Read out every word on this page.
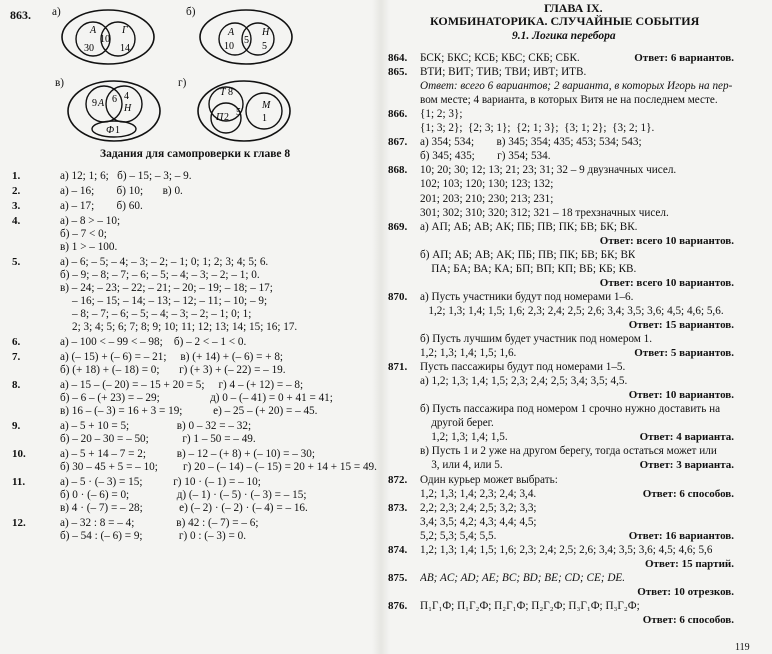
863. а)	б)
в)	г)
А	Г
30
10
14
А	Н
10
5
5
9 А 6 4
Н
Ф 1
Т 8
П 2 5
М
1
Задания для самопроверки к главе 8
1.	а) 12; 1; 6;   б) – 15; – 3; – 9.
2.	а) – 16;        б) 10;       в) 0.
3.	а) – 17;        б) 60.
4.	а) – 8 > – 10;
б) – 7 < 0;
в) 1 > – 100.
5.	а) – 6; – 5; – 4; – 3; – 2; – 1; 0; 1; 2; 3; 4; 5; 6.
б) – 9; – 8; – 7; – 6; – 5; – 4; – 3; – 2; – 1; 0.
в) – 24; – 23; – 22; – 21; – 20; – 19; – 18; – 17;
– 16; – 15; – 14; – 13; – 12; – 11; – 10; – 9;
– 8; – 7; – 6; – 5; – 4; – 3; – 2; – 1; 0; 1;
2; 3; 4; 5; 6; 7; 8; 9; 10; 11; 12; 13; 14; 15; 16; 17.
6.	а) – 100 < – 99 < – 98;    б) – 2 < – 1 < 0.
7.	а) (– 15) + (– 6) = – 21;     в) (+ 14) + (– 6) = + 8;
б) (+ 18) + (– 18) = 0;       г) (+ 3) + (– 22) = – 19.
8.	а) – 15 – (– 20) = – 15 + 20 = 5;     г) 4 – (+ 12) = – 8;
б) – 6 – (+ 23) = – 29;                  д) 0 – (– 41) = 0 + 41 = 41;
в) 16 – (– 3) = 16 + 3 = 19;           е) – 25 – (+ 20) = – 45.
9.	а) – 5 + 10 = 5;                 в) 0 – 32 = – 32;
б) – 20 – 30 = – 50;            г) 1 – 50 = – 49.
10.	а) – 5 + 14 – 7 = 2;           в) – 12 – (+ 8) + (– 10) = – 30;
б) 30 – 45 + 5 = – 10;         г) 20 – (– 14) – (– 15) = 20 + 14 + 15 = 49.
11.	а) – 5 · (– 3) = 15;           г) 10 · (– 1) = – 10;
б) 0 · (– 6) = 0;                 д) (– 1) · (– 5) · (– 3) = – 15;
в) 4 · (– 7) = – 28;             е) (– 2) · (– 2) · (– 4) = – 16.
12.	а) – 32 : 8 = – 4;               в) 42 : (– 7) = – 6;
б) – 54 : (– 6) = 9;             г) 0 : (– 3) = 0.
ГЛАВА IX.
КОМБИНАТОРИКА. СЛУЧАЙНЫЕ СОБЫТИЯ
9.1. Логика перебора
864. БСК; БКС; КСБ; КБС; СКБ; СБК.	Ответ: 6 вариантов.
865. ВТИ; ВИТ; ТИВ; ТВИ; ИВТ; ИТВ.
Ответ: всего 6 вариантов; 2 варианта, в которых Игорь на пер-
вом месте; 4 варианта, в которых Витя не на последнем месте.
866. {1; 2; 3};
{1; 3; 2};  {2; 3; 1};  {2; 1; 3};  {3; 1; 2};  {3; 2; 1}.
867. а) 354; 534;        в) 345; 354; 435; 453; 534; 543;
б) 345; 435;        г) 354; 534.
868. 10; 20; 30; 12; 13; 21; 23; 31; 32 – 9 двузначных чисел.
102; 103; 120; 130; 123; 132;
201; 203; 210; 230; 213; 231;
301; 302; 310; 320; 312; 321 – 18 трехзначных чисел.
869. а) АП; АБ; АВ; АК; ПБ; ПВ; ПК; БВ; БК; ВК.
Ответ: всего 10 вариантов.
б) АП; АБ; АВ; АК; ПБ; ПВ; ПК; БВ; БК; ВК
ПА; БА; ВА; КА; БП; ВП; КП; ВБ; КБ; КВ.
Ответ: всего 10 вариантов.
870. а) Пусть участники будут под номерами 1–6.
1,2; 1,3; 1,4; 1,5; 1,6; 2,3; 2,4; 2,5; 2,6; 3,4; 3,5; 3,6; 4,5; 4,6; 5,6.
Ответ: 15 вариантов.
б) Пусть лучшим будет участник под номером 1.
1,2; 1,3; 1,4; 1,5; 1,6.	Ответ: 5 вариантов.
871. Пусть пассажиры будут под номерами 1–5.
а) 1,2; 1,3; 1,4; 1,5; 2,3; 2,4; 2,5; 3,4; 3,5; 4,5.
Ответ: 10 вариантов.
б) Пусть пассажира под номером 1 срочно нужно доставить на
другой берег.
1,2; 1,3; 1,4; 1,5.	Ответ: 4 варианта.
в) Пусть 1 и 2 уже на другом берегу, тогда остаться может или
3, или 4, или 5.	Ответ: 3 варианта.
872. Один курьер может выбрать:
1,2; 1,3; 1,4; 2,3; 2,4; 3,4.	Ответ: 6 способов.
873. 2,2; 2,3; 2,4; 2,5; 3,2; 3,3;
3,4; 3,5; 4,2; 4,3; 4,4; 4,5;
5,2; 5,3; 5,4; 5,5.	Ответ: 16 вариантов.
874. 1,2; 1,3; 1,4; 1,5; 1,6; 2,3; 2,4; 2,5; 2,6; 3,4; 3,5; 3,6; 4,5; 4,6; 5,6
Ответ: 15 партий.
875. AB; AC; AD; AE; BC; BD; BE; CD; CE; DE.
Ответ: 10 отрезков.
876. П₁Г₁Ф; П₁Г₂Ф; П₂Г₁Ф; П₂Г₂Ф; П₃Г₁Ф; П₃Г₂Ф;
Ответ: 6 способов.
119
